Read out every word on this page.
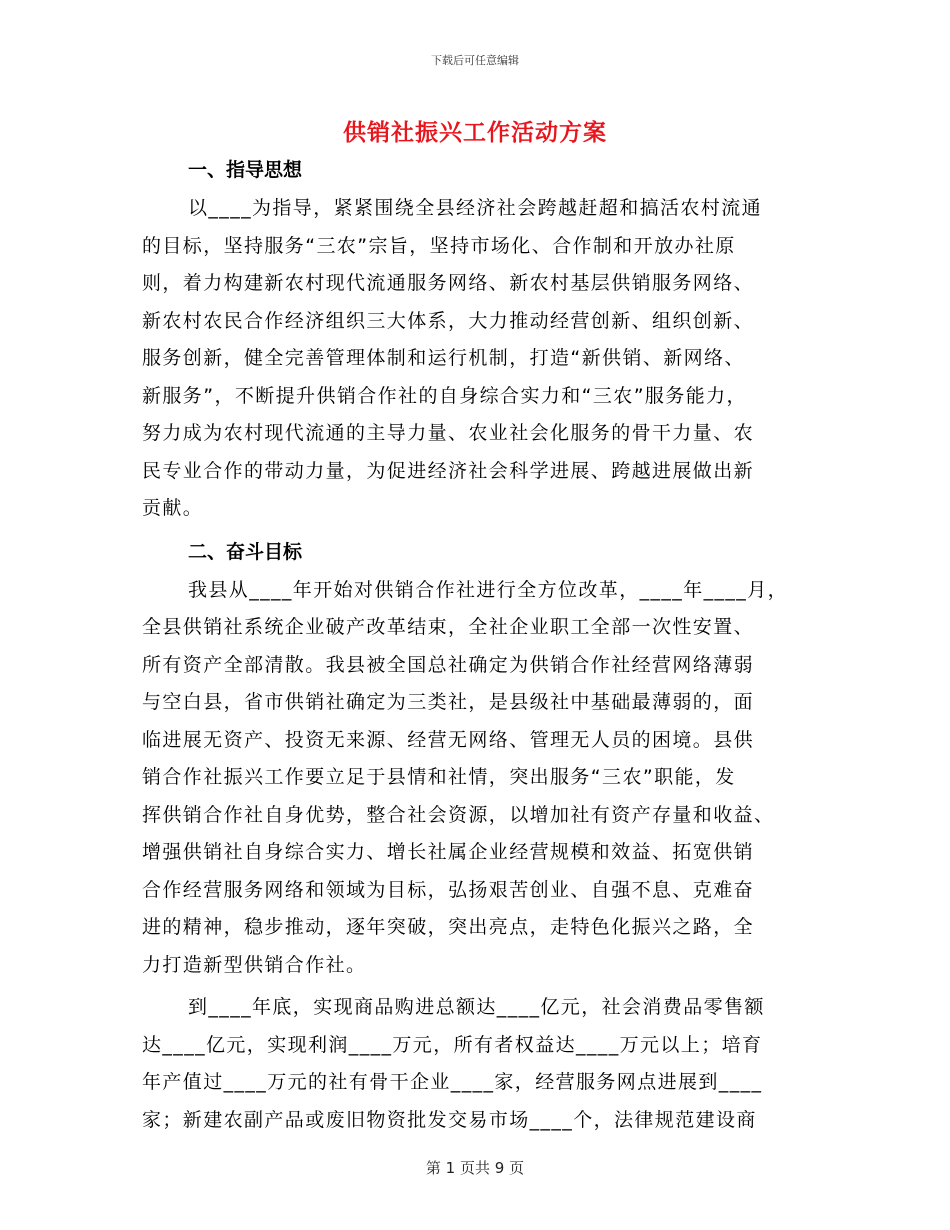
下载后可任意编辑
供销社振兴工作活动方案
一、指导思想
以____为指导，紧紧围绕全县经济社会跨越赶超和搞活农村流通
的目标，坚持服务“三农”宗旨，坚持市场化、合作制和开放办社原
则，着力构建新农村现代流通服务网络、新农村基层供销服务网络、
新农村农民合作经济组织三大体系，大力推动经营创新、组织创新、
服务创新，健全完善管理体制和运行机制，打造“新供销、新网络、
新服务”，不断提升供销合作社的自身综合实力和“三农”服务能力，
努力成为农村现代流通的主导力量、农业社会化服务的骨干力量、农
民专业合作的带动力量，为促进经济社会科学进展、跨越进展做出新
贡献。
二、奋斗目标
我县从____年开始对供销合作社进行全方位改革，____年____月，
全县供销社系统企业破产改革结束，全社企业职工全部一次性安置、
所有资产全部清散。我县被全国总社确定为供销合作社经营网络薄弱
与空白县，省市供销社确定为三类社，是县级社中基础最薄弱的，面
临进展无资产、投资无来源、经营无网络、管理无人员的困境。县供
销合作社振兴工作要立足于县情和社情，突出服务“三农”职能，发
挥供销合作社自身优势，整合社会资源，以增加社有资产存量和收益、
增强供销社自身综合实力、增长社属企业经营规模和效益、拓宽供销
合作经营服务网络和领域为目标，弘扬艰苦创业、自强不息、克难奋
进的精神，稳步推动，逐年突破，突出亮点，走特色化振兴之路，全
力打造新型供销合作社。
到____年底，实现商品购进总额达____亿元，社会消费品零售额
达____亿元，实现利润____万元，所有者权益达____万元以上；培育
年产值过____万元的社有骨干企业____家，经营服务网点进展到____
家；新建农副产品或废旧物资批发交易市场____个，法律规范建设商
第 1 页共 9 页
